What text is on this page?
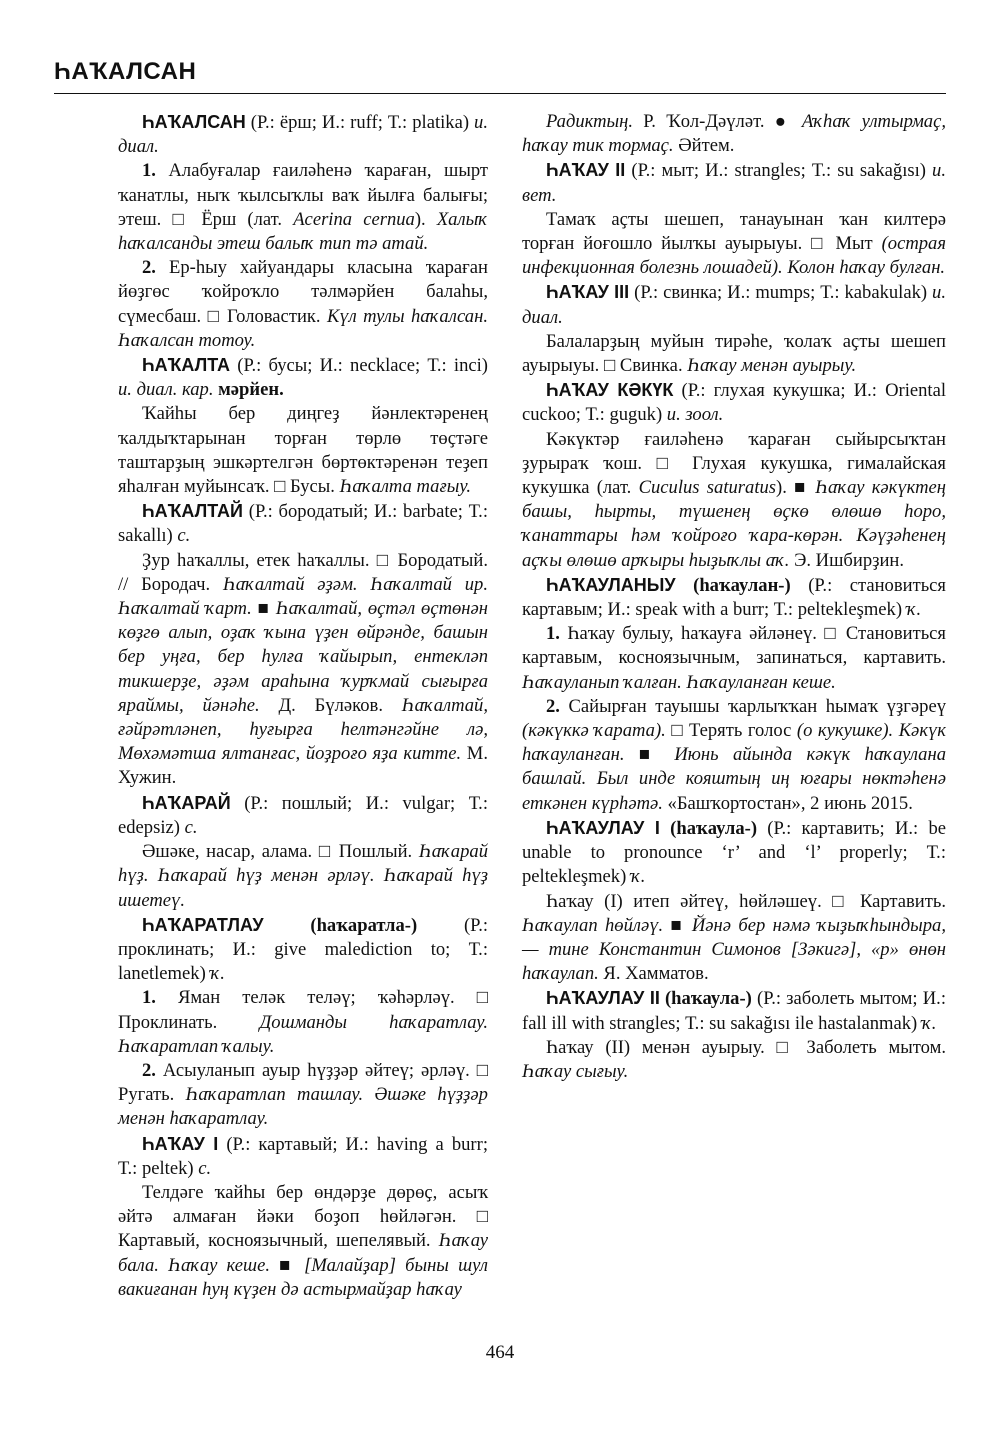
ҺАҠАЛСАН

ҺАҠАЛСАН (Р.: ёрш; И.: ruff; Т.: platika) и. диал.

1. Алабуғалар ғаиләһенә ҡараған, шырт ҡанатлы, ныҡ ҡылсыҡлы ваҡ йылға балығы; этеш. □ Ёрш (лат. Acerina cernua). Халыҡ һаҡалсанды этеш балыҡ тип тә атай.

2. Ер-һыу хайуандары класына ҡараған йөҙгөс ҡойроҡло тәлмәрйен балаһы, сүмесбаш. □ Головастик. Күл тулы һаҡалсан. Һаҡалсан тотоу.

ҺАҠАЛТА (Р.: бусы; И.: necklace; Т.: inci) и. диал. кар. мәрйен.

Ҡайһы бер диңгеҙ йәнлектәренең ҡалдыҡтарынан торған төрлө төҫтәге таштарҙың эшкәртелгән бөртөктәренән теҙеп яһалған муйынсаҡ. □ Бусы. Һаҡалта тағыу.

ҺАҠАЛТАЙ (Р.: бородатый; И.: barbate; Т.: sakallı) с.

Ҙур һаҡаллы, етек һаҡаллы. □ Бородатый. // Бородач. Һаҡалтай әҙәм. Һаҡалтай ир. Һаҡалтай ҡарт. ■ Һаҡалтай, өҫтәл өҫтөнән көҙгө алып, оҙаҡ ҡына үҙен өйрәнде, башын бер уңға, бер һулға ҡайырып, ентекләп тикшерҙе, әҙәм араһына ҡурҡмай сығырға яраймы, йәнәһе. Д. Бүләков. Һаҡалтай, ғәйрәтләнеп, һуғырға һелтәнгәйне лә, Мөхәмәтша ялтанғас, йоҙроғо яҙа китте. М. Хужин.

ҺАҠАРАЙ (Р.: пошлый; И.: vulgar; Т.: edepsiz) с.

Әшәке, насар, алама. □ Пошлый. Һаҡарай һүҙ. Һаҡарай һүҙ менән әрләү. Һаҡарай һүҙ ишетеү.

ҺАҠАРАТЛАУ (һаҡаратла-) (Р.: проклинать; И.: give malediction to; Т.: lanetlemek) ҡ.

1. Яман теләк теләү; ҡәһәрләү. □ Проклинать. Дошманды һаҡаратлау. Һаҡаратлап ҡалыу.

2. Асыуланып ауыр һүҙҙәр әйтеү; әрләү. □ Ругать. Һаҡаратлап ташлау. Әшәке һүҙҙәр менән һаҡаратлау.

ҺАҠАУ I (Р.: картавый; И.: having a burr; Т.: peltek) с.

Телдәге ҡайһы бер өндәрҙе дөрөҫ, асыҡ әйтә алмаған йәки боҙоп һөйләгән. □ Картавый, косноязычный, шепелявый. Һаҡау бала. Һаҡау кеше. ■ [Малайҙар] быны шул вакиғанан һуң күҙен дә астырмайҙар һаҡау

Радиктың. Р. Ҡол-Дәүләт. ● Аҡһаҡ ултырмаҫ, һаҡау тик тормаҫ. Әйтем.

ҺАҠАУ II (Р.: мыт; И.: strangles; Т.: su sakağısı) и. вет.

Тамаҡ аҫты шешеп, танауынан ҡан килтерә торған йоғошло йылҡы ауырыуы. □ Мыт (острая инфекционная болезнь лошадей). Колон һаҡау булған.

ҺАҠАУ III (Р.: свинка; И.: mumps; Т.: kabakulak) и. диал.

Балаларҙың муйын тирәһе, ҡолаҡ аҫты шешеп ауырыуы. □ Свинка. Һаҡау менән ауырыу.

ҺАҠАУ КӘКҮК (Р.: глухая кукушка; И.: Oriental cuckoo; Т.: guguk) и. зоол.

Кәкүктәр ғаиләһенә ҡараған сыйырсыҡтан ҙурыраҡ ҡош. □ Глухая кукушка, гималайская кукушка (лат. Cuculus saturatus). ■ Һаҡау кәкүктең башы, һырты, түшенең өҫкө өлөшө һоро, ҡанаттары һәм ҡойроғо ҡара-көрән. Кәүҙәһенең аҫҡы өлөшө арҡыры һыҙыҡлы аҡ. Э. Ишбирҙин.

ҺАҠАУЛАНЫУ (һаҡаулан-) (Р.: становиться картавым; И.: speak with a burr; Т.: peltekleşmek) ҡ.

1. Һаҡау булыу, һаҡауға әйләнеү. □ Становиться картавым, косноязычным, запинаться, картавить. Һаҡауланып ҡалған. Һаҡауланған кеше.

2. Сайырған тауышы ҡарлыҡҡан һымаҡ үҙгәреү (кәкүккә ҡарата). □ Терять голос (о кукушке). Кәкүк һаҡауланған. ■ Июнь айында кәкүк һаҡаулана башлай. Был инде кояштың иң юғары нөктәһенә еткәнен күрһәтә. «Башҡортостан», 2 июнь 2015.

ҺАҠАУЛАУ I (һаҡаула-) (Р.: картавить; И.: be unable to pronounce ‘r’ and ‘l’ properly; Т.: peltekleşmek) ҡ.

Һаҡау (I) итеп әйтеү, һөйләшеү. □ Картавить. Һаҡаулап һөйләү. ■ Йәнә бер нәмә ҡыҙыҡһындыра, — тине Константин Симонов [Зәкигә], «р» өнөн һаҡаулап. Я. Хамматов.

ҺАҠАУЛАУ II (һаҡаула-) (Р.: заболеть мытом; И.: fall ill with strangles; Т.: su sakağısı ile hastalanmak) ҡ.

Һаҡау (II) менән ауырыу. □ Заболеть мытом. Һаҡау сығыу.

464
